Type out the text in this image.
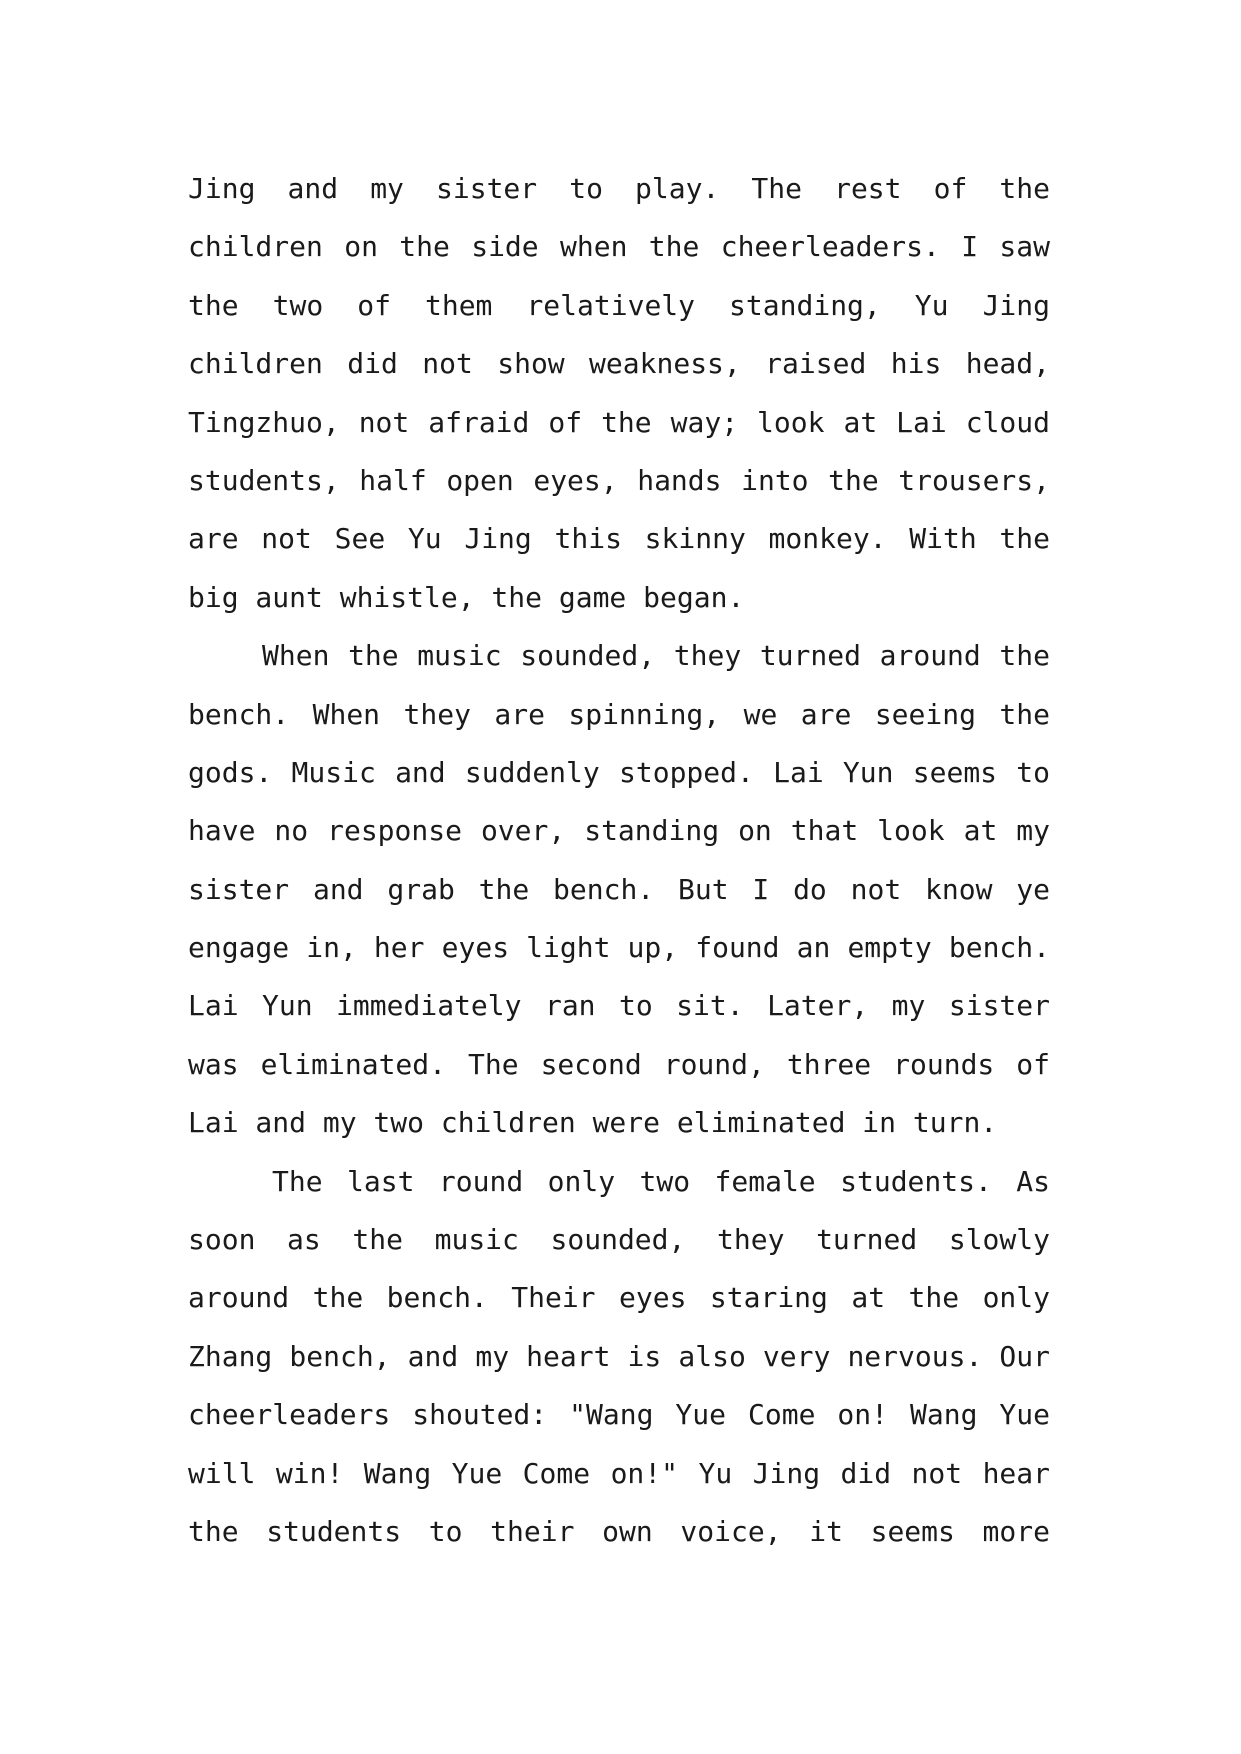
Jing and my sister to play. The rest of the
children on the side when the cheerleaders. I saw
the two of them relatively standing, Yu Jing
children did not show weakness, raised his head,
Tingzhuo, not afraid of the way; look at Lai cloud
students, half open eyes, hands into the trousers,
are not See Yu Jing this skinny monkey. With the
big aunt whistle, the game began.
When the music sounded, they turned around the
bench. When they are spinning, we are seeing the
gods. Music and suddenly stopped. Lai Yun seems to
have no response over, standing on that look at my
sister and grab the bench. But I do not know ye
engage in, her eyes light up, found an empty bench.
Lai Yun immediately ran to sit. Later, my sister
was eliminated. The second round, three rounds of
Lai and my two children were eliminated in turn.
The last round only two female students. As
soon as the music sounded, they turned slowly
around the bench. Their eyes staring at the only
Zhang bench, and my heart is also very nervous. Our
cheerleaders shouted: "Wang Yue Come on! Wang Yue
will win! Wang Yue Come on!" Yu Jing did not hear
the students to their own voice, it seems more
